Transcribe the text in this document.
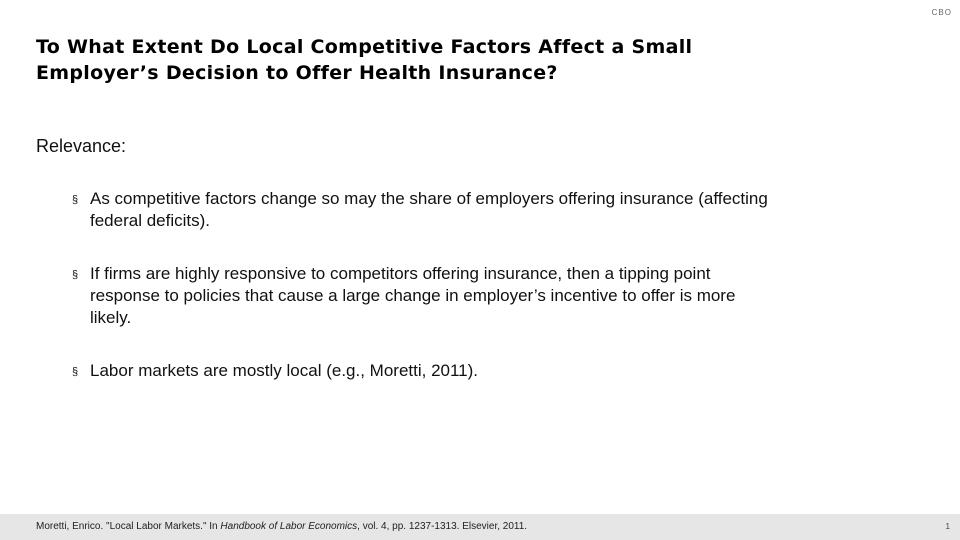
CBO
To What Extent Do Local Competitive Factors Affect a Small
Employer’s Decision to Offer Health Insurance?
Relevance:
§ As competitive factors change so may the share of employers offering insurance (affecting federal deficits).
§ If firms are highly responsive to competitors offering insurance, then a tipping point response to policies that cause a large change in employer’s incentive to offer is more likely.
§ Labor markets are mostly local (e.g., Moretti, 2011).
Moretti, Enrico. "Local Labor Markets." In Handbook of Labor Economics, vol. 4, pp. 1237-1313. Elsevier, 2011.	1
